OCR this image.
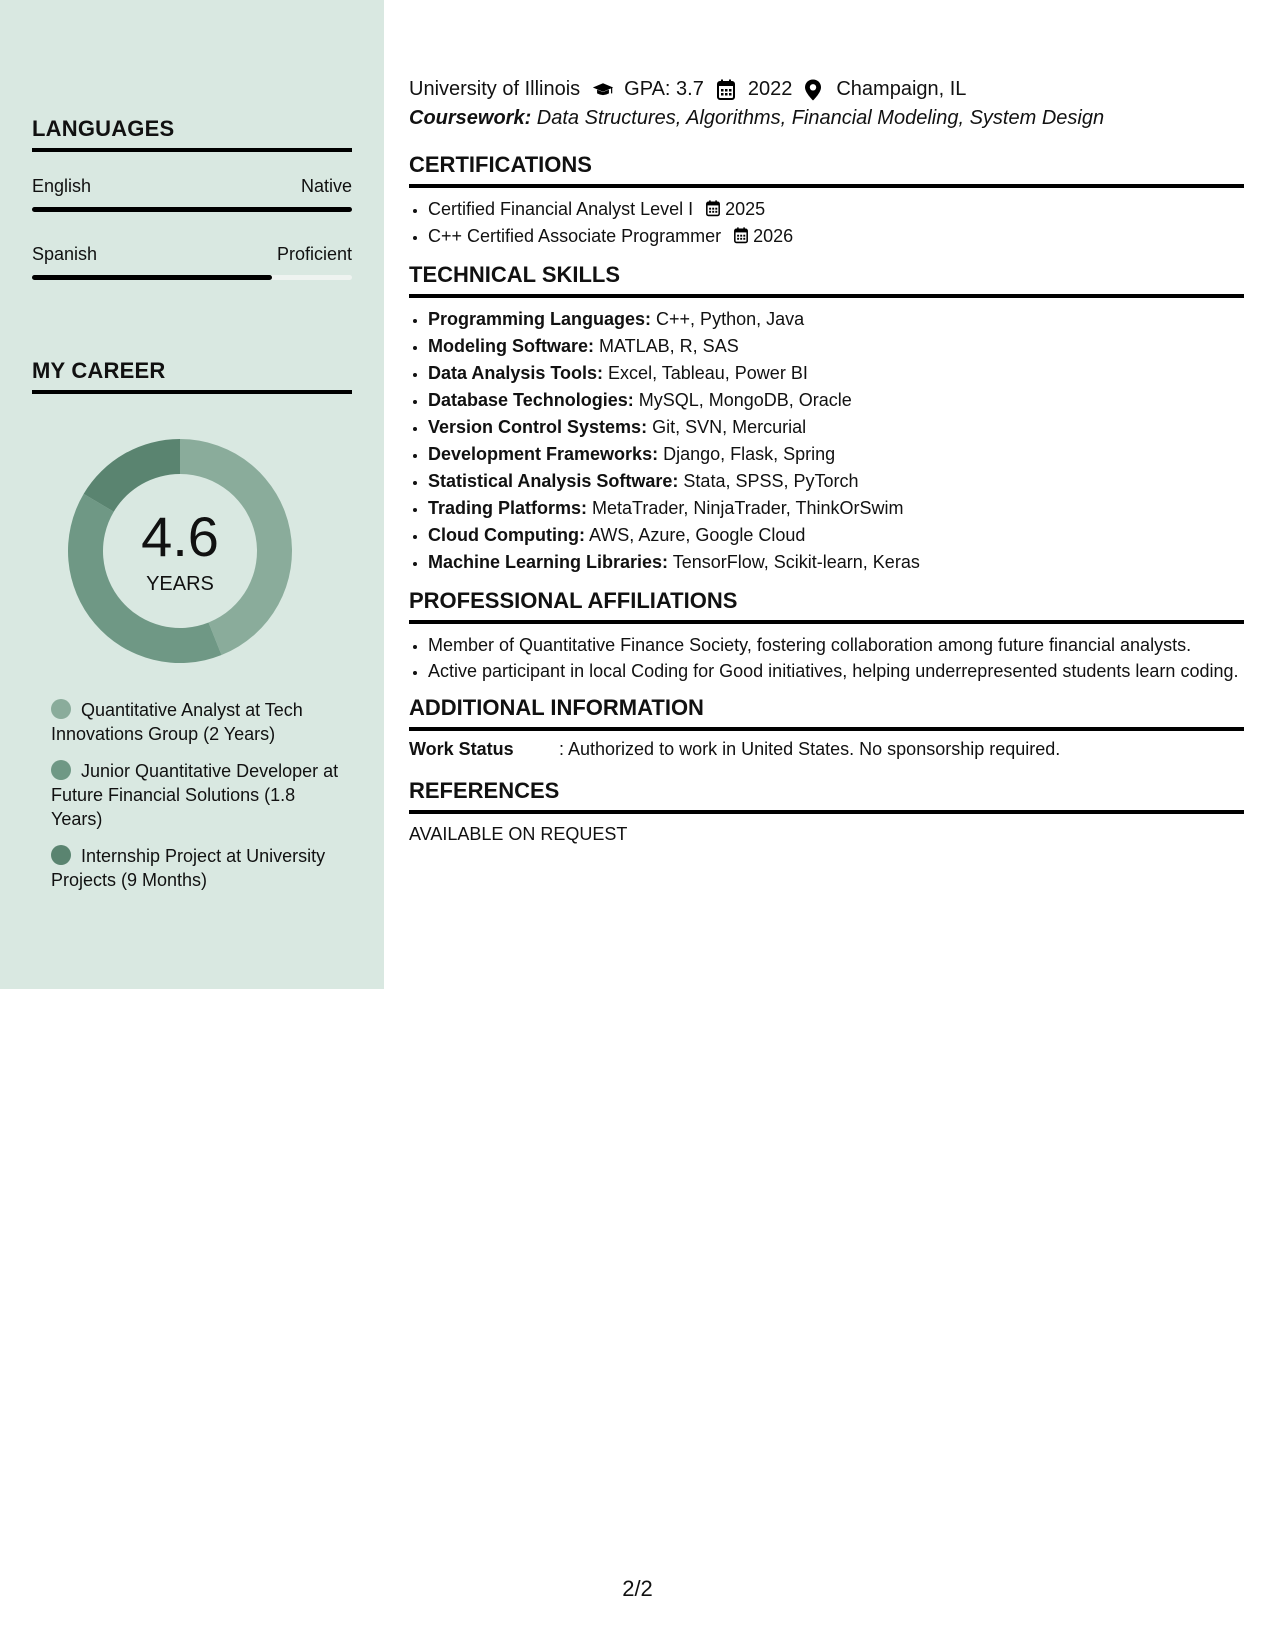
LANGUAGES
English	Native
Spanish	Proficient
MY CAREER
4.6
YEARS
Quantitative Analyst at Tech Innovations Group (2 Years)
Junior Quantitative Developer at Future Financial Solutions (1.8 Years)
Internship Project at University Projects (9 Months)
University of Illinois GPA: 3.7 2022 Champaign, IL
Coursework: Data Structures, Algorithms, Financial Modeling, System Design
CERTIFICATIONS
• Certified Financial Analyst Level I 2025
• C++ Certified Associate Programmer 2026
TECHNICAL SKILLS
• Programming Languages: C++, Python, Java
• Modeling Software: MATLAB, R, SAS
• Data Analysis Tools: Excel, Tableau, Power BI
• Database Technologies: MySQL, MongoDB, Oracle
• Version Control Systems: Git, SVN, Mercurial
• Development Frameworks: Django, Flask, Spring
• Statistical Analysis Software: Stata, SPSS, PyTorch
• Trading Platforms: MetaTrader, NinjaTrader, ThinkOrSwim
• Cloud Computing: AWS, Azure, Google Cloud
• Machine Learning Libraries: TensorFlow, Scikit-learn, Keras
PROFESSIONAL AFFILIATIONS
• Member of Quantitative Finance Society, fostering collaboration among future financial analysts.
• Active participant in local Coding for Good initiatives, helping underrepresented students learn coding.
ADDITIONAL INFORMATION
Work Status	: Authorized to work in United States. No sponsorship required.
REFERENCES
AVAILABLE ON REQUEST
2/2
